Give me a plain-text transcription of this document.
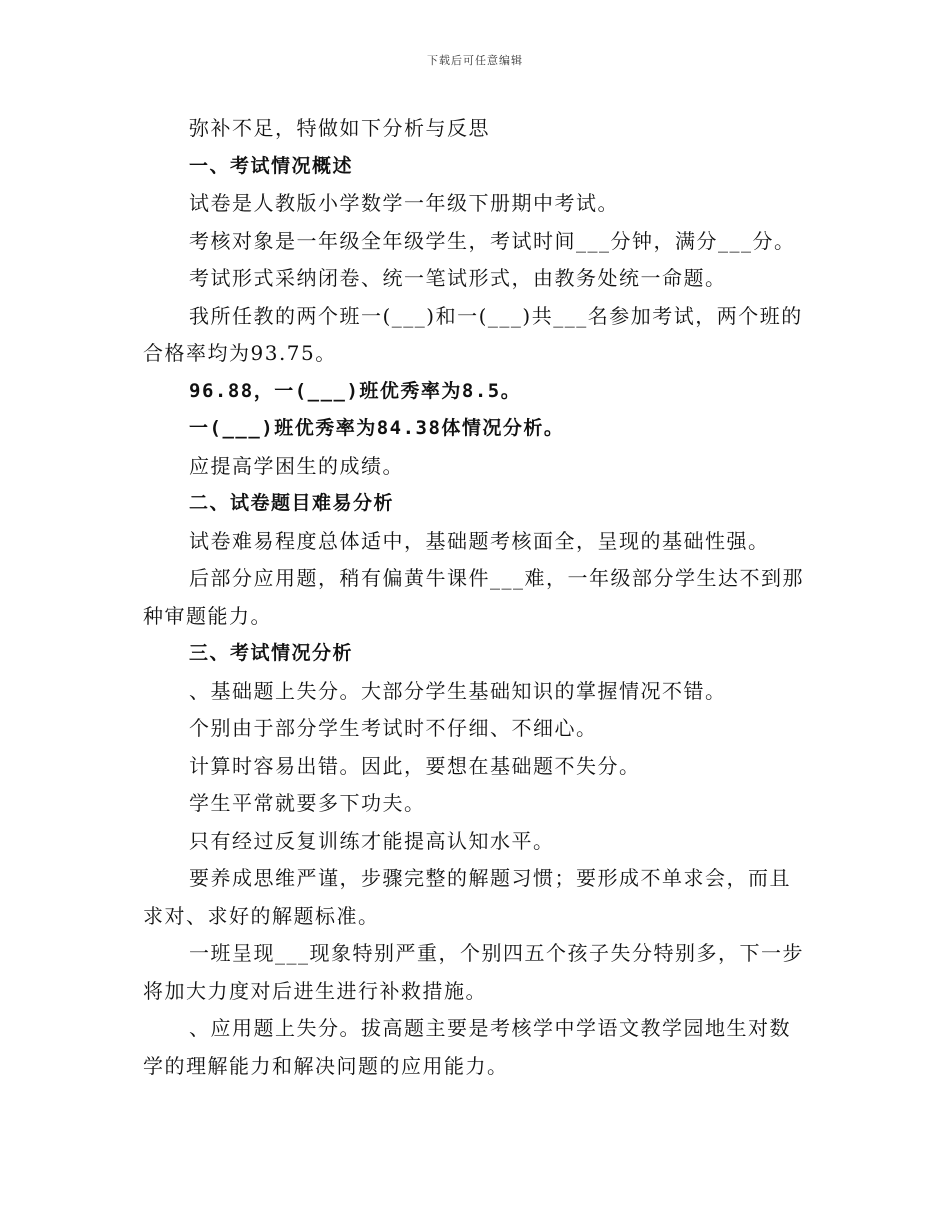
下载后可任意编辑
弥补不足，特做如下分析与反思
一、考试情况概述
试卷是人教版小学数学一年级下册期中考试。
考核对象是一年级全年级学生，考试时间___分钟，满分___分。
考试形式采纳闭卷、统一笔试形式，由教务处统一命题。
我所任教的两个班一(___)和一(___)共___名参加考试，两个班的
合格率均为93.75。
96.88，一(___)班优秀率为8.5。
一(___)班优秀率为84.38体情况分析。
应提高学困生的成绩。
二、试卷题目难易分析
试卷难易程度总体适中，基础题考核面全，呈现的基础性强。
后部分应用题，稍有偏黄牛课件___难，一年级部分学生达不到那
种审题能力。
三、考试情况分析
、基础题上失分。大部分学生基础知识的掌握情况不错。
个别由于部分学生考试时不仔细、不细心。
计算时容易出错。因此，要想在基础题不失分。
学生平常就要多下功夫。
只有经过反复训练才能提高认知水平。
要养成思维严谨，步骤完整的解题习惯；要形成不单求会，而且
求对、求好的解题标准。
一班呈现___现象特别严重，个别四五个孩子失分特别多，下一步
将加大力度对后进生进行补救措施。
、应用题上失分。拔高题主要是考核学中学语文教学园地生对数
学的理解能力和解决问题的应用能力。
